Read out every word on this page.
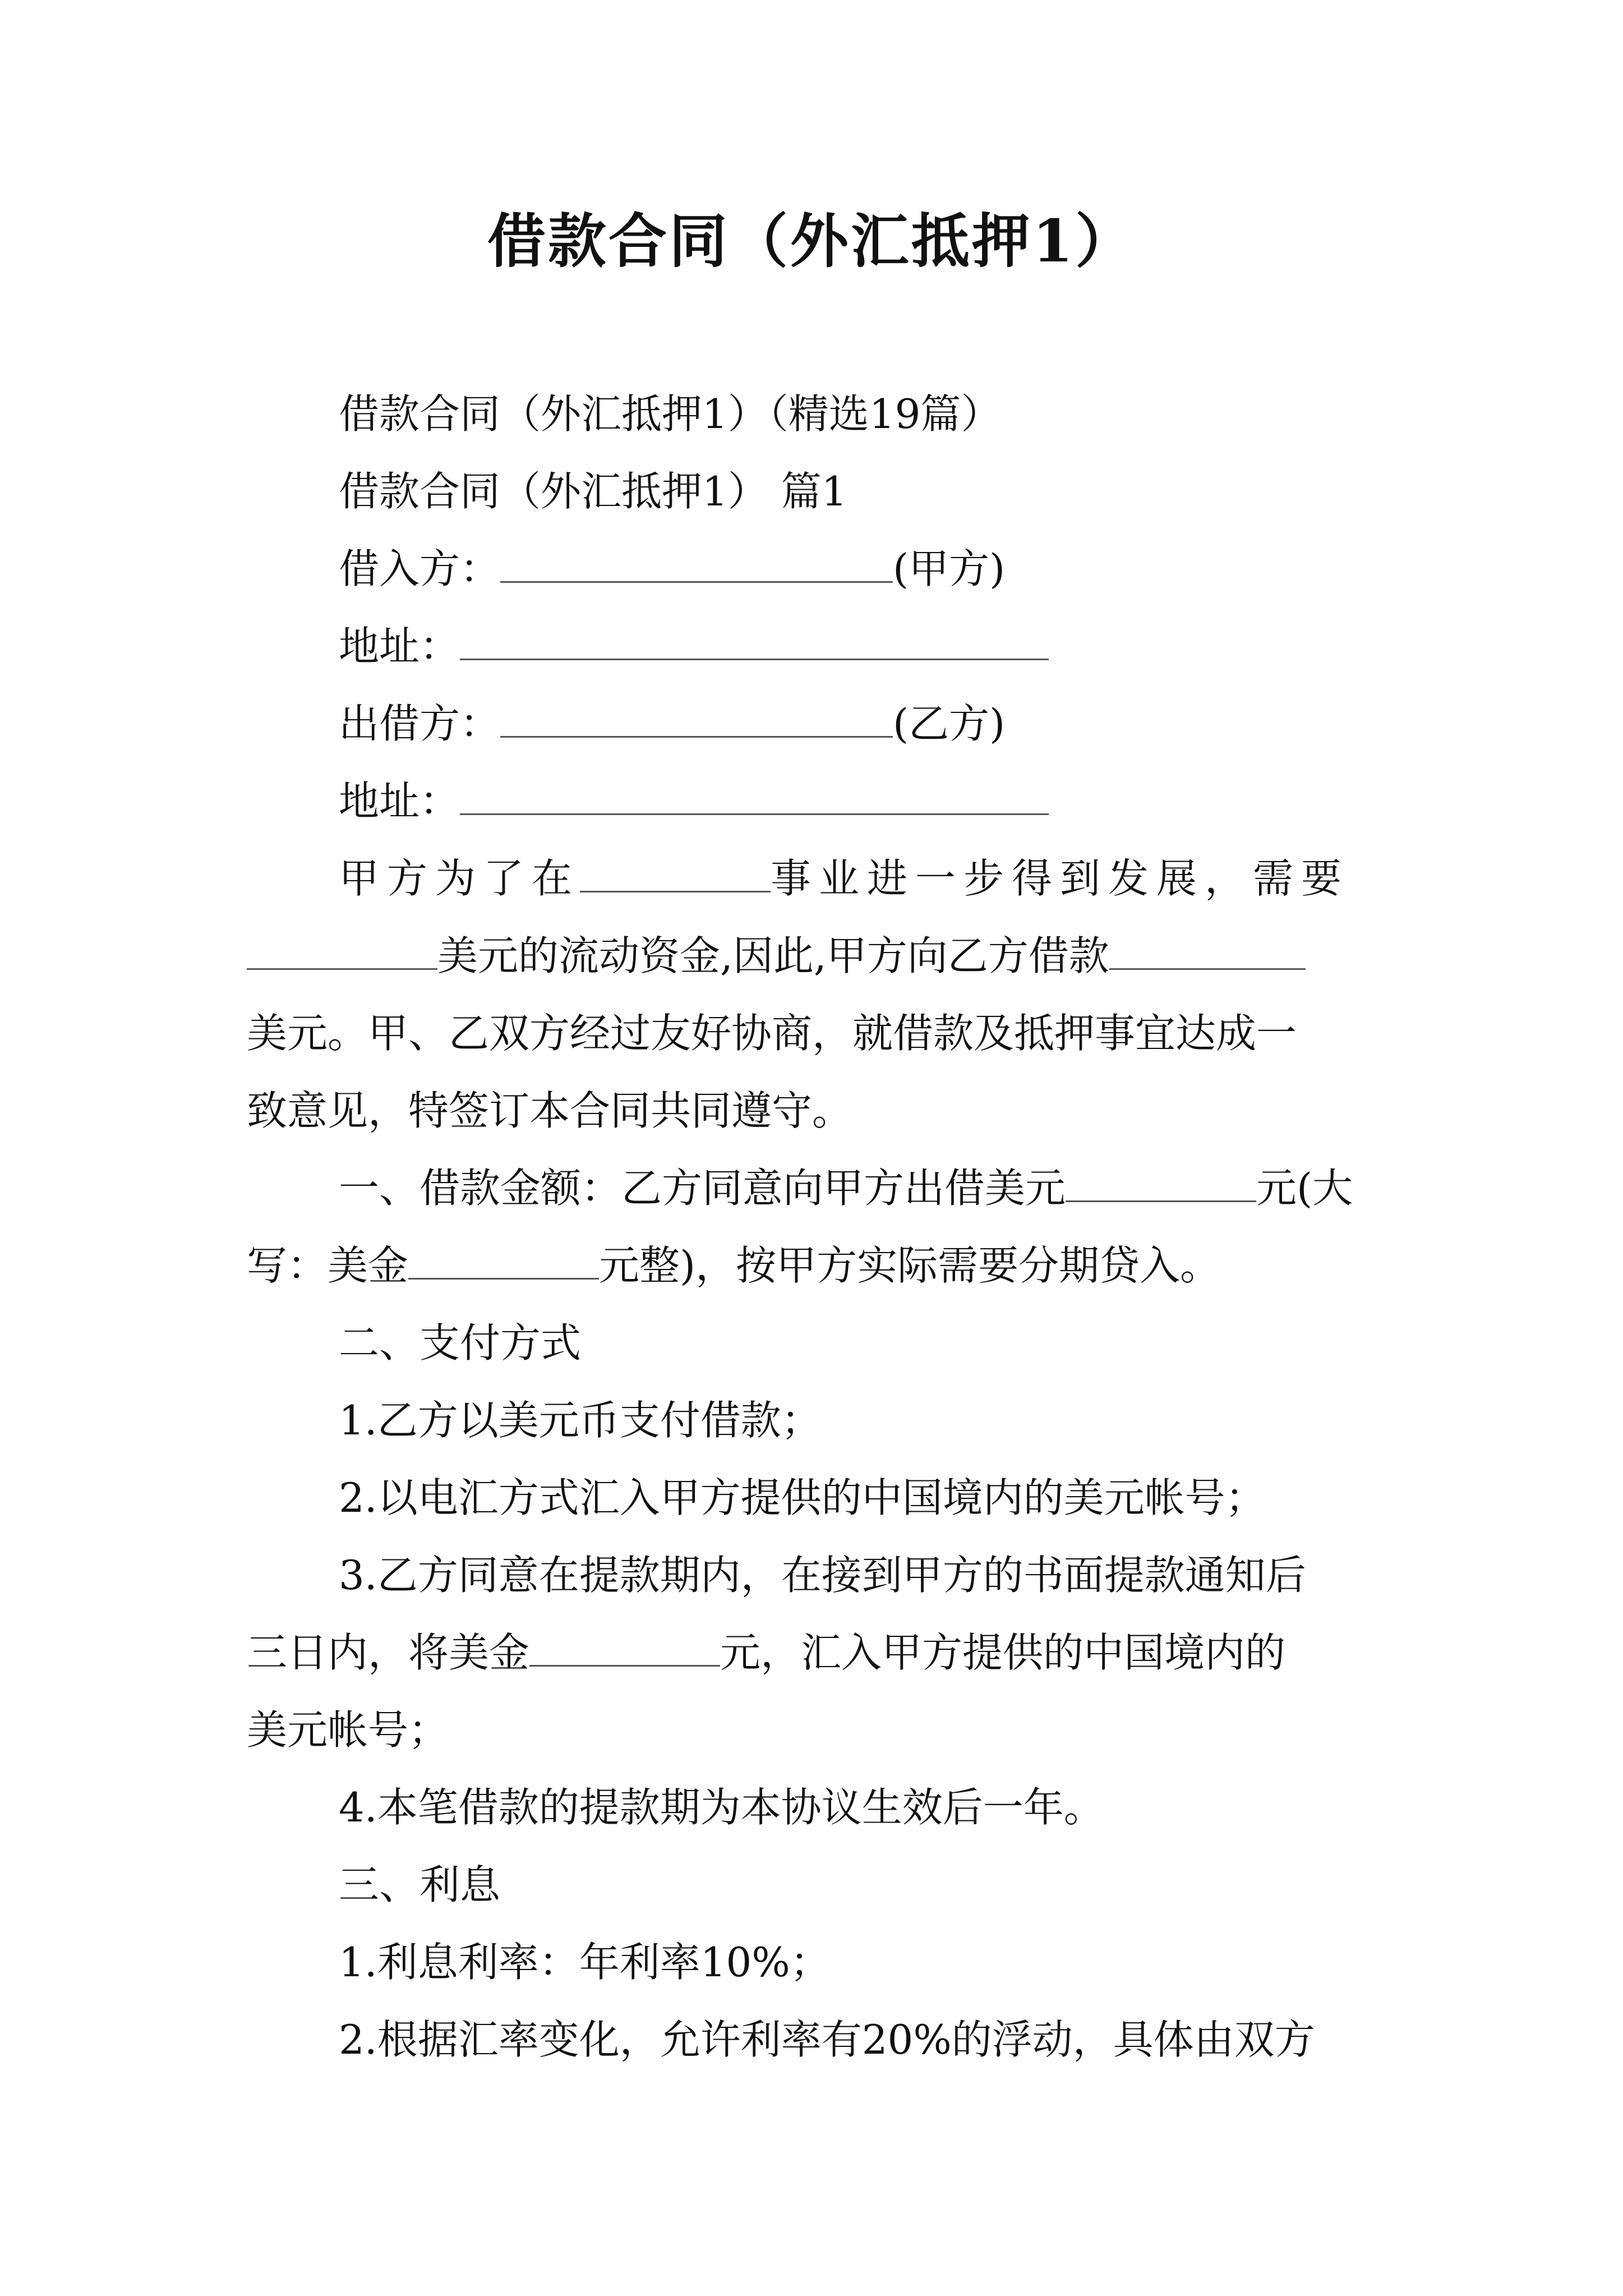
借款合同（外汇抵押1）
借款合同（外汇抵押1）（精选19篇）
借款合同（外汇抵押1） 篇1
借入方：	(甲方)
地址：
出借方：	(乙方)
地址：
甲方为了在	事业进一步得到发展，需要
美元的流动资金,因此,甲方向乙方借款
美元。甲、乙双方经过友好协商，就借款及抵押事宜达成一
致意见，特签订本合同共同遵守。
一、借款金额：乙方同意向甲方出借美元	元(大
写：美金	元整)，按甲方实际需要分期贷入。
二、支付方式
1.乙方以美元币支付借款；
2.以电汇方式汇入甲方提供的中国境内的美元帐号；
3.乙方同意在提款期内，在接到甲方的书面提款通知后
三日内，将美金	元，汇入甲方提供的中国境内的
美元帐号；
4.本笔借款的提款期为本协议生效后一年。
三、利息
1.利息利率：年利率10%；
2.根据汇率变化，允许利率有20%的浮动，具体由双方
